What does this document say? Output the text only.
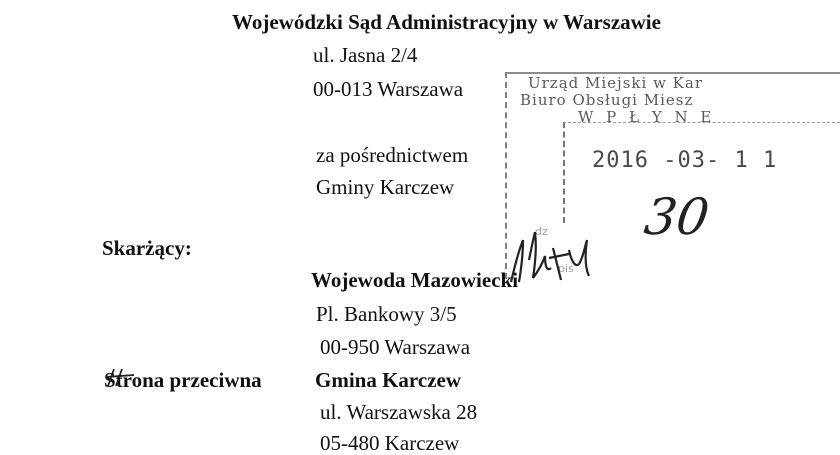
Wojewódzki Sąd Administracyjny w Warszawie
ul. Jasna 2/4
00-013 Warszawa
za pośrednictwem
Gminy Karczew
Urząd Miejski w Kar
Biuro Obsługi Miesz
W P Ł Y N E
2016 -03- 1 1
30
dz
pis
Skarżący:
Wojewoda Mazowiecki
Pl. Bankowy 3/5
00-950 Warszawa
Strona przeciwna	Gmina Karczew
ul. Warszawska 28
05-480 Karczew
